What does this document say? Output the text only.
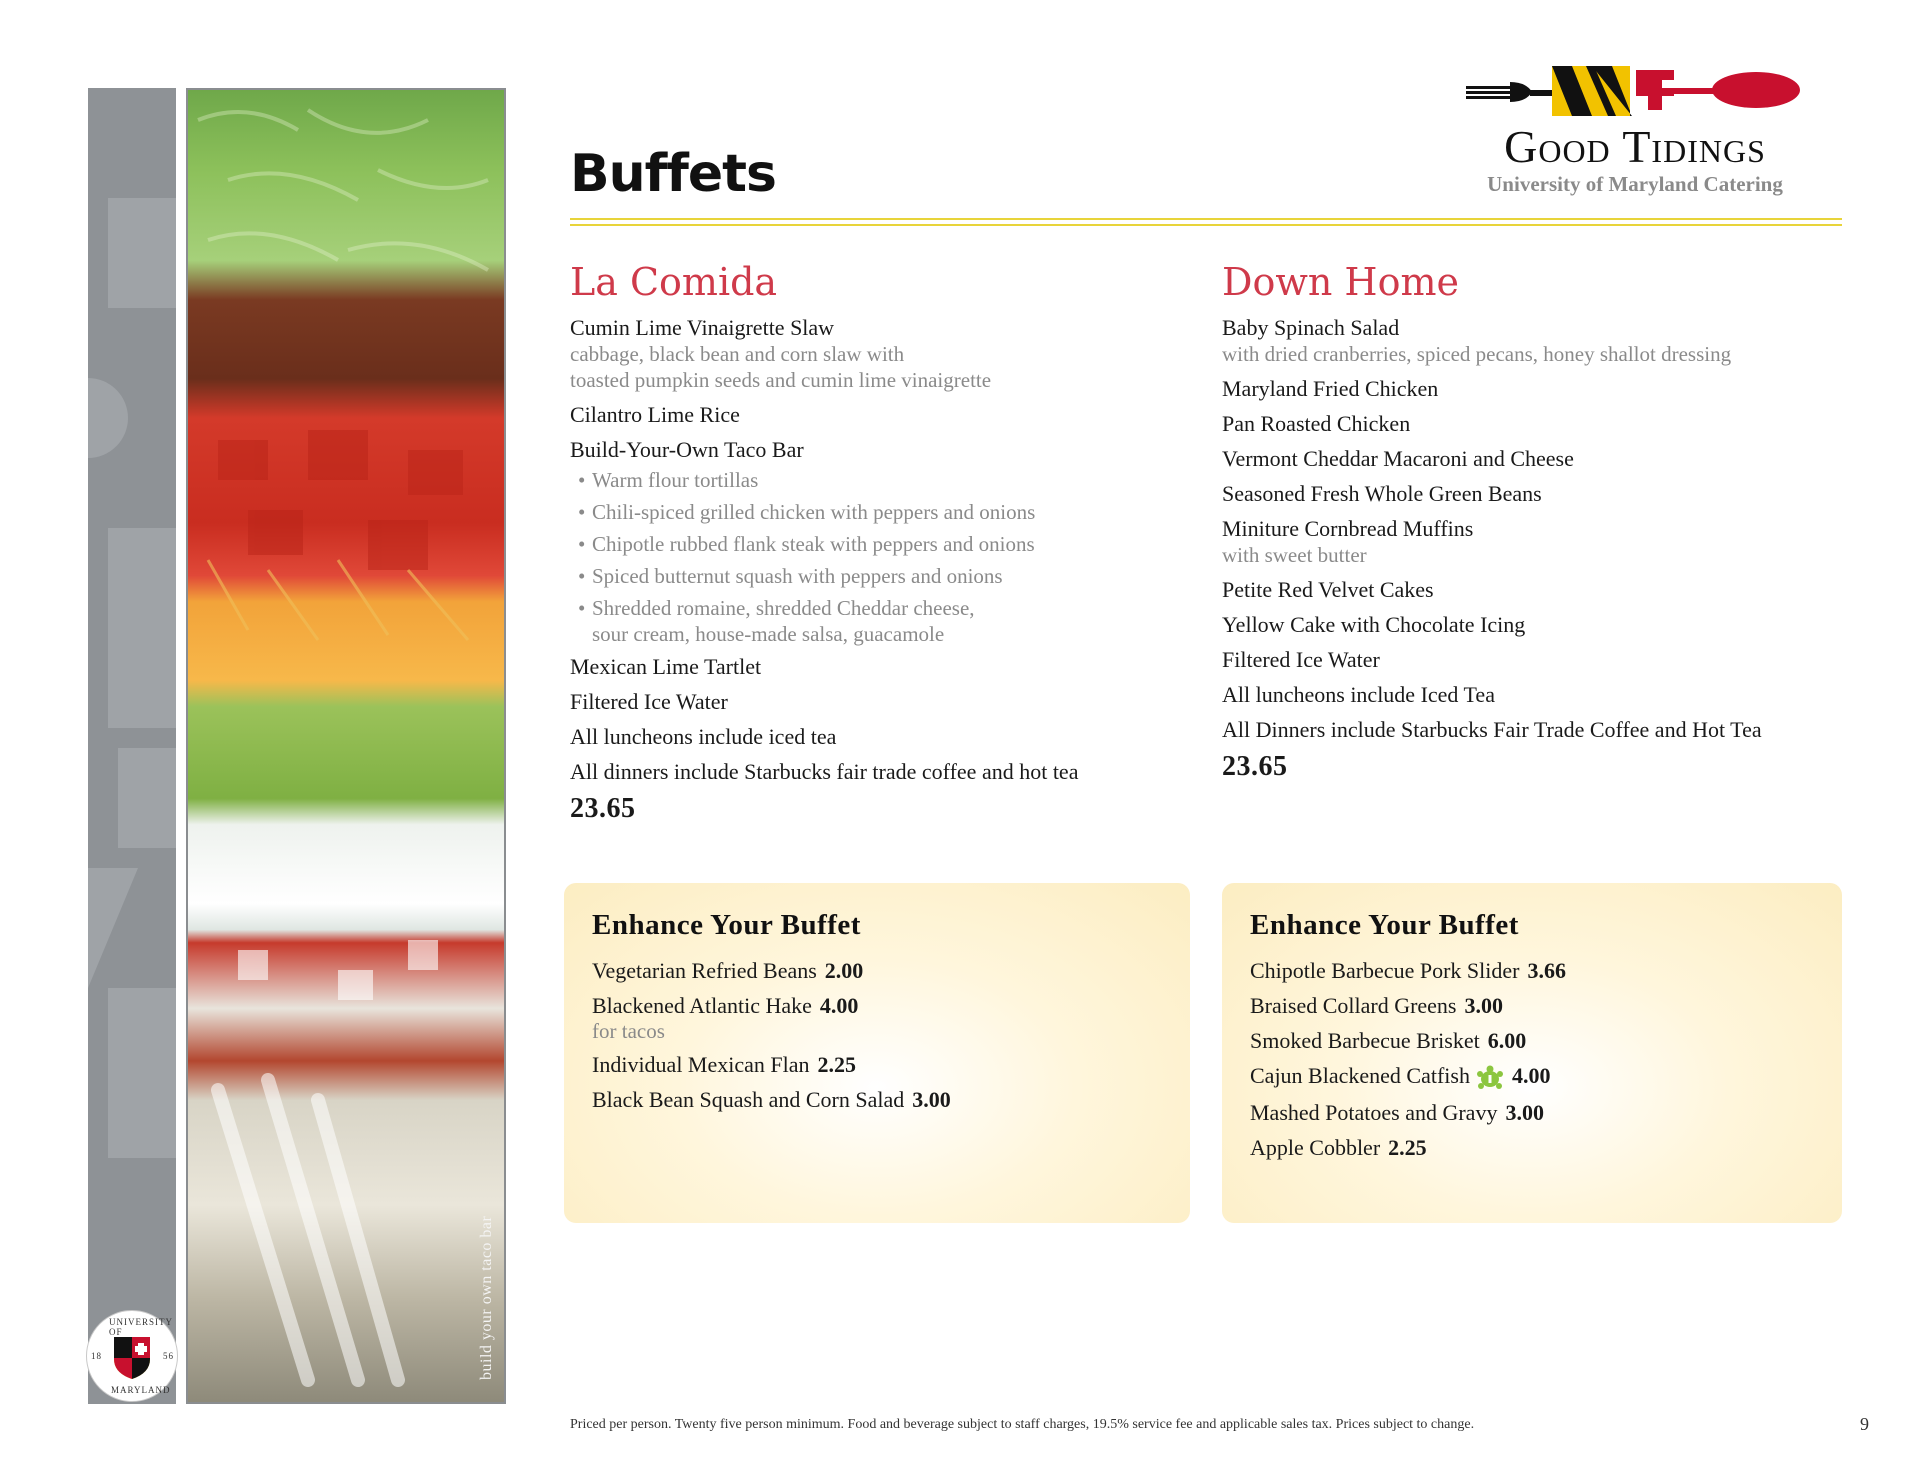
build your own taco bar
UNIVERSITY OF
18	56
MARYLAND
Buffets	Good Tidings
University of Maryland Catering
La Comida
Cumin Lime Vinaigrette Slaw
cabbage, black bean and corn slaw with
toasted pumpkin seeds and cumin lime vinaigrette
Cilantro Lime Rice
Build-Your-Own Taco Bar
• Warm flour tortillas
• Chili-spiced grilled chicken with peppers and onions
• Chipotle rubbed flank steak with peppers and onions
• Spiced butternut squash with peppers and onions
• Shredded romaine, shredded Cheddar cheese,
sour cream, house-made salsa, guacamole
Mexican Lime Tartlet
Filtered Ice Water
All luncheons include iced tea
All dinners include Starbucks fair trade coffee and hot tea
23.65
Down Home
Baby Spinach Salad
with dried cranberries, spiced pecans, honey shallot dressing
Maryland Fried Chicken
Pan Roasted Chicken
Vermont Cheddar Macaroni and Cheese
Seasoned Fresh Whole Green Beans
Miniture Cornbread Muffins
with sweet butter
Petite Red Velvet Cakes
Yellow Cake with Chocolate Icing
Filtered Ice Water
All luncheons include Iced Tea
All Dinners include Starbucks Fair Trade Coffee and Hot Tea
23.65
Enhance Your Buffet
Vegetarian Refried Beans 2.00
Blackened Atlantic Hake 4.00
for tacos
Individual Mexican Flan 2.25
Black Bean Squash and Corn Salad 3.00
Enhance Your Buffet
Chipotle Barbecue Pork Slider 3.66
Braised Collard Greens 3.00
Smoked Barbecue Brisket 6.00
Cajun Blackened Catfish 4.00
Mashed Potatoes and Gravy 3.00
Apple Cobbler 2.25
Priced per person. Twenty five person minimum. Food and beverage subject to staff charges, 19.5% service fee and applicable sales tax. Prices subject to change.	9
